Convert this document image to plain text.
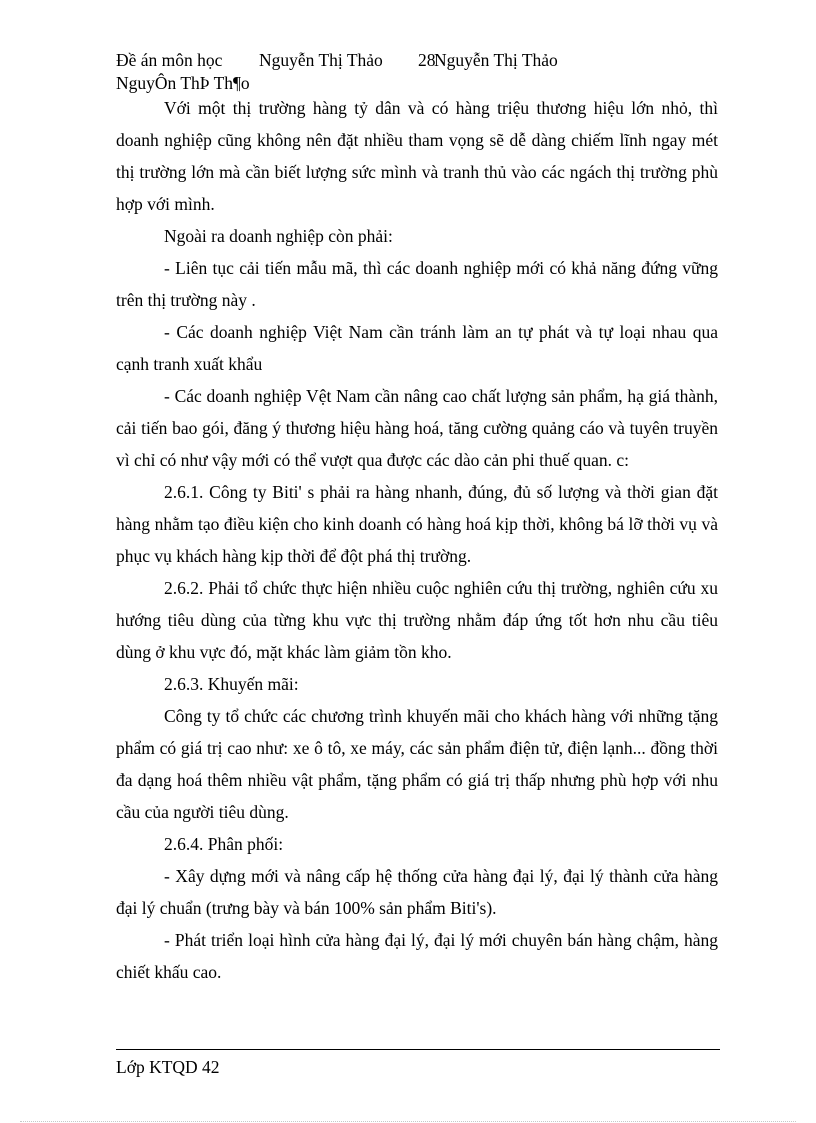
Đề án môn học Nguyễn Thị Thảo 28
Nguyễn Thị Thảo
NguyÔn ThÞ Th¶o

Với một thị trường hàng tỷ dân và có hàng triệu thương hiệu lớn nhỏ, thì doanh nghiệp cũng không nên đặt nhiều tham vọng sẽ dễ dàng chiếm lĩnh ngay mét thị trường lớn mà cần biết lượng sức mình và tranh thủ vào các ngách thị trường phù hợp với mình.

Ngoài ra doanh nghiệp còn phải:

- Liên tục cải tiến mẫu mã, thì các doanh nghiệp mới có khả năng đứng vững trên thị trường này .

- Các doanh nghiệp Việt Nam cần tránh làm an tự phát và tự loại nhau qua cạnh tranh xuất khẩu

- Các doanh nghiệp Vệt Nam cần nâng cao chất lượng sản phẩm, hạ giá thành, cải tiến bao gói, đăng ý thương hiệu hàng hoá, tăng cường quảng cáo và tuyên truyền vì chỉ có như vậy mới có thể vượt qua được các dào cản phi thuế quan. c:

2.6.1. Công ty Biti' s phải ra hàng nhanh, đúng, đủ số lượng và thời gian đặt hàng nhằm tạo điều kiện cho kinh doanh có hàng hoá kịp thời, không bá lỡ thời vụ và phục vụ khách hàng kịp thời để đột phá thị trường.

2.6.2. Phải tổ chức thực hiện nhiều cuộc nghiên cứu thị trường, nghiên cứu xu hướng tiêu dùng của từng khu vực thị trường nhằm đáp ứng tốt hơn nhu cầu tiêu dùng ở khu vực đó, mặt khác làm giảm tồn kho.

2.6.3. Khuyến mãi:

Công ty tổ chức các chương trình khuyến mãi cho khách hàng với những tặng phẩm có giá trị cao như: xe ô tô, xe máy, các sản phẩm điện tử, điện lạnh... đồng thời đa dạng hoá thêm nhiều vật phẩm, tặng phẩm có giá trị thấp nhưng phù hợp với nhu cầu của người tiêu dùng.

2.6.4. Phân phối:

- Xây dựng mới và nâng cấp hệ thống cửa hàng đại lý, đại lý thành cửa hàng đại lý chuẩn (trưng bày và bán 100% sản phẩm Biti's).

- Phát triển loại hình cửa hàng đại lý, đại lý mới chuyên bán hàng chậm, hàng chiết khấu cao.

Lớp KTQD 42
